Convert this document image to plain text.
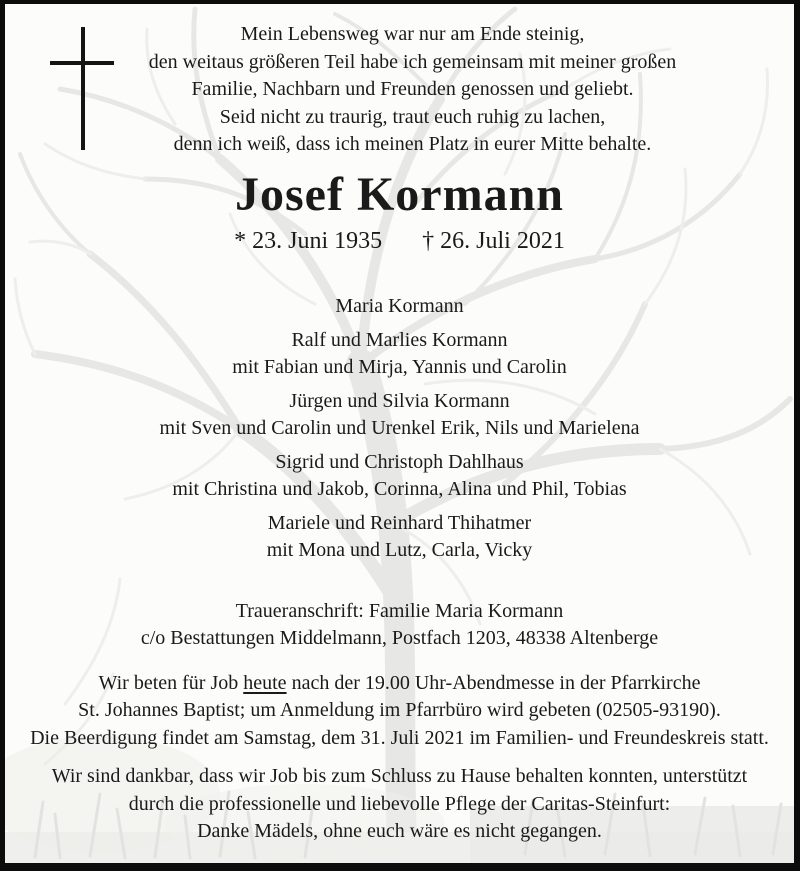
Mein Lebensweg war nur am Ende steinig,
den weitaus größeren Teil habe ich gemeinsam mit meiner großen
Familie, Nachbarn und Freunden genossen und geliebt.
Seid nicht zu traurig, traut euch ruhig zu lachen,
denn ich weiß, dass ich meinen Platz in eurer Mitte behalte.
Josef Kormann
* 23. Juni 1935 † 26. Juli 2021
Maria Kormann
Ralf und Marlies Kormann
mit Fabian und Mirja, Yannis und Carolin
Jürgen und Silvia Kormann
mit Sven und Carolin und Urenkel Erik, Nils und Marielena
Sigrid und Christoph Dahlhaus
mit Christina und Jakob, Corinna, Alina und Phil, Tobias
Mariele und Reinhard Thihatmer
mit Mona und Lutz, Carla, Vicky
Traueranschrift: Familie Maria Kormann
c/o Bestattungen Middelmann, Postfach 1203, 48338 Altenberge
Wir beten für Job heute nach der 19.00 Uhr-Abendmesse in der Pfarrkirche
St. Johannes Baptist; um Anmeldung im Pfarrbüro wird gebeten (02505-93190).
Die Beerdigung findet am Samstag, dem 31. Juli 2021 im Familien- und Freundeskreis statt.
Wir sind dankbar, dass wir Job bis zum Schluss zu Hause behalten konnten, unterstützt
durch die professionelle und liebevolle Pflege der Caritas-Steinfurt:
Danke Mädels, ohne euch wäre es nicht gegangen.
